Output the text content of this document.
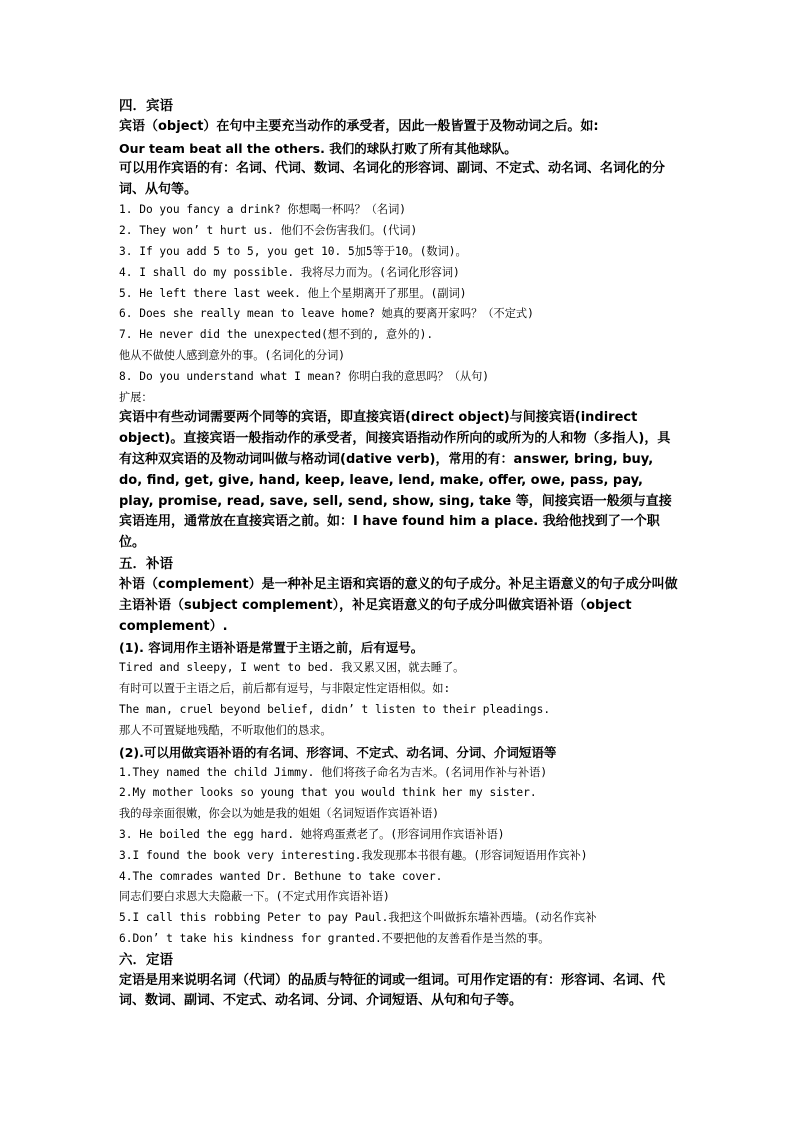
四．宾语
宾语（object）在句中主要充当动作的承受者，因此一般皆置于及物动词之后。如:
Our team beat all the others. 我们的球队打败了所有其他球队。
可以用作宾语的有：名词、代词、数词、名词化的形容词、副词、不定式、动名词、名词化的分词、从句等。
1. Do you fancy a drink? 你想喝一杯吗？（名词)
2. They won’ t hurt us. 他们不会伤害我们。(代词)
3. If you add 5 to 5, you get 10. 5加5等于10。(数词)。
4. I shall do my possible. 我将尽力而为。(名词化形容词)
5. He left there last week. 他上个星期离开了那里。(副词)
6. Does she really mean to leave home? 她真的要离开家吗？（不定式)
7. He never did the unexpected(想不到的, 意外的).
他从不做使人感到意外的事。(名词化的分词)
8. Do you understand what I mean? 你明白我的意思吗？（从句)
扩展：
宾语中有些动词需要两个同等的宾语，即直接宾语(direct object)与间接宾语(indirect object)。直接宾语一般指动作的承受者，间接宾语指动作所向的或所为的人和物（多指人)，具有这种双宾语的及物动词叫做与格动词(dative verb)，常用的有：answer, bring, buy, do, find, get, give, hand, keep, leave, lend, make, offer, owe, pass, pay, play, promise, read, save, sell, send, show, sing, take 等，间接宾语一般须与直接宾语连用，通常放在直接宾语之前。如：I have found him a place. 我给他找到了一个职位。
五．补语
补语（complement）是一种补足主语和宾语的意义的句子成分。补足主语意义的句子成分叫做主语补语（subject complement），补足宾语意义的句子成分叫做宾语补语（object complement）.
(1). 容词用作主语补语是常置于主语之前，后有逗号。
Tired and sleepy, I went to bed. 我又累又困，就去睡了。
有时可以置于主语之后，前后都有逗号，与非限定性定语相似。如:
The man, cruel beyond belief, didn’ t listen to their pleadings.
那人不可置疑地残酷，不听取他们的恳求。
(2).可以用做宾语补语的有名词、形容词、不定式、动名词、分词、介词短语等
1.They named the child Jimmy. 他们将孩子命名为吉米。(名词用作补与补语)
2.My mother looks so young that you would think her my sister.
我的母亲面很嫩，你会以为她是我的姐姐（名词短语作宾语补语)
3. He boiled the egg hard. 她将鸡蛋煮老了。(形容词用作宾语补语)
3.I found the book very interesting.我发现那本书很有趣。(形容词短语用作宾补)
4.The comrades wanted Dr. Bethune to take cover.
同志们要白求恩大夫隐蔽一下。(不定式用作宾语补语)
5.I call this robbing Peter to pay Paul.我把这个叫做拆东墙补西墙。(动名作宾补
6.Don’ t take his kindness for granted.不要把他的友善看作是当然的事。
六．定语
定语是用来说明名词（代词）的品质与特征的词或一组词。可用作定语的有：形容词、名词、代词、数词、副词、不定式、动名词、分词、介词短语、从句和句子等。
